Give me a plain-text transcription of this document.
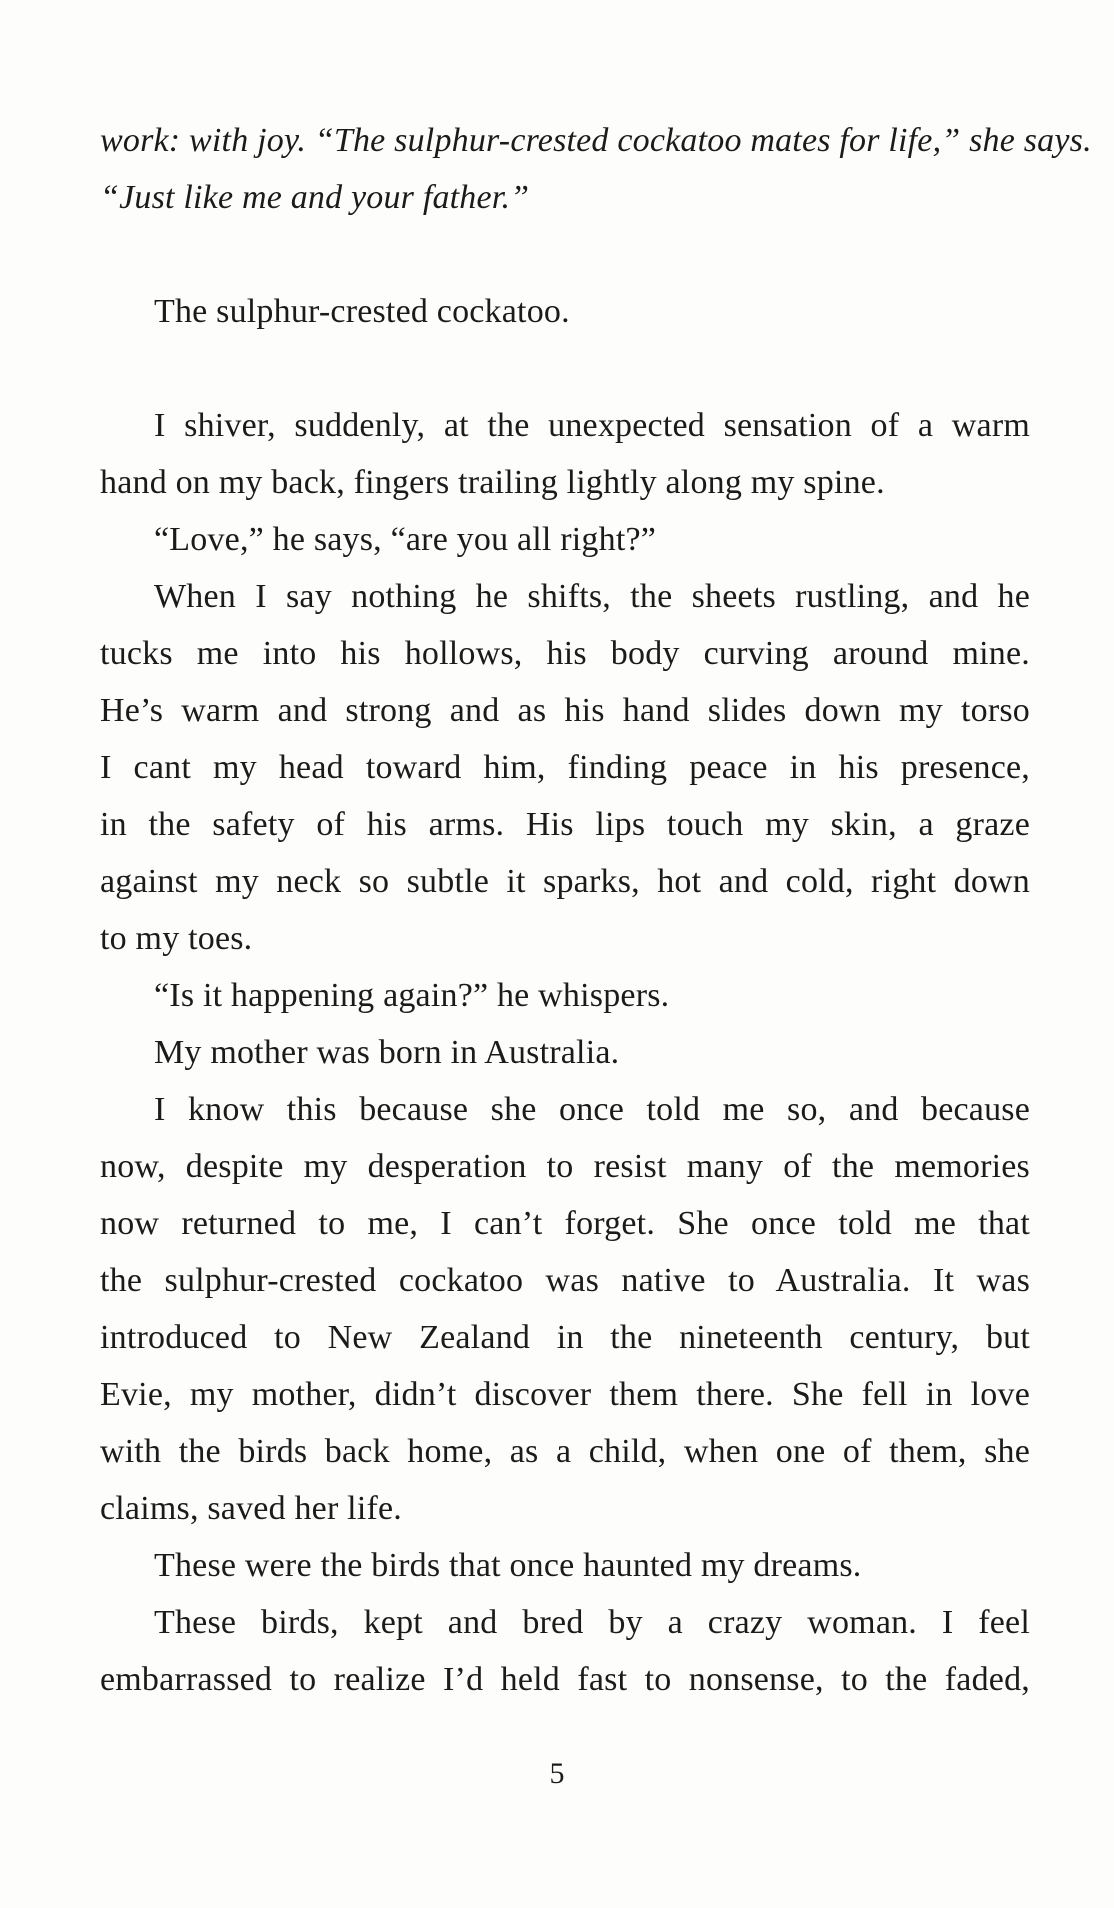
work: with joy. “The sulphur-crested cockatoo mates for life,” she says.
“Just like me and your father.”
The sulphur-crested cockatoo.
I shiver, suddenly, at the unexpected sensation of a warm
hand on my back, fingers trailing lightly along my spine.
“Love,” he says, “are you all right?”
When I say nothing he shifts, the sheets rustling, and he
tucks me into his hollows, his body curving around mine.
He’s warm and strong and as his hand slides down my torso
I cant my head toward him, finding peace in his presence,
in the safety of his arms. His lips touch my skin, a graze
against my neck so subtle it sparks, hot and cold, right down
to my toes.
“Is it happening again?” he whispers.
My mother was born in Australia.
I know this because she once told me so, and because
now, despite my desperation to resist many of the memories
now returned to me, I can’t forget. She once told me that
the sulphur-crested cockatoo was native to Australia. It was
introduced to New Zealand in the nineteenth century, but
Evie, my mother, didn’t discover them there. She fell in love
with the birds back home, as a child, when one of them, she
claims, saved her life.
These were the birds that once haunted my dreams.
These birds, kept and bred by a crazy woman. I feel
embarrassed to realize I’d held fast to nonsense, to the faded,
5
